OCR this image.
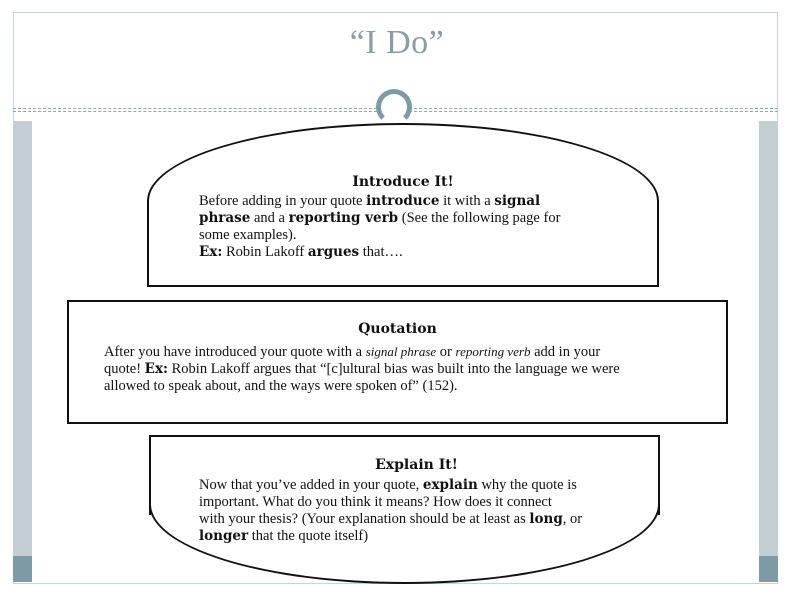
“I Do”
Introduce It!
Before adding in your quote introduce it with a signal
phrase and a reporting verb (See the following page for
some examples).
Ex: Robin Lakoff argues that….
Quotation
After you have introduced your quote with a signal phrase or reporting verb add in your
quote! Ex: Robin Lakoff argues that “[c]ultural bias was built into the language we were
allowed to speak about, and the ways were spoken of” (152).
Explain It!
Now that you’ve added in your quote, explain why the quote is
important. What do you think it means? How does it connect
with your thesis? (Your explanation should be at least as long, or
longer that the quote itself)
